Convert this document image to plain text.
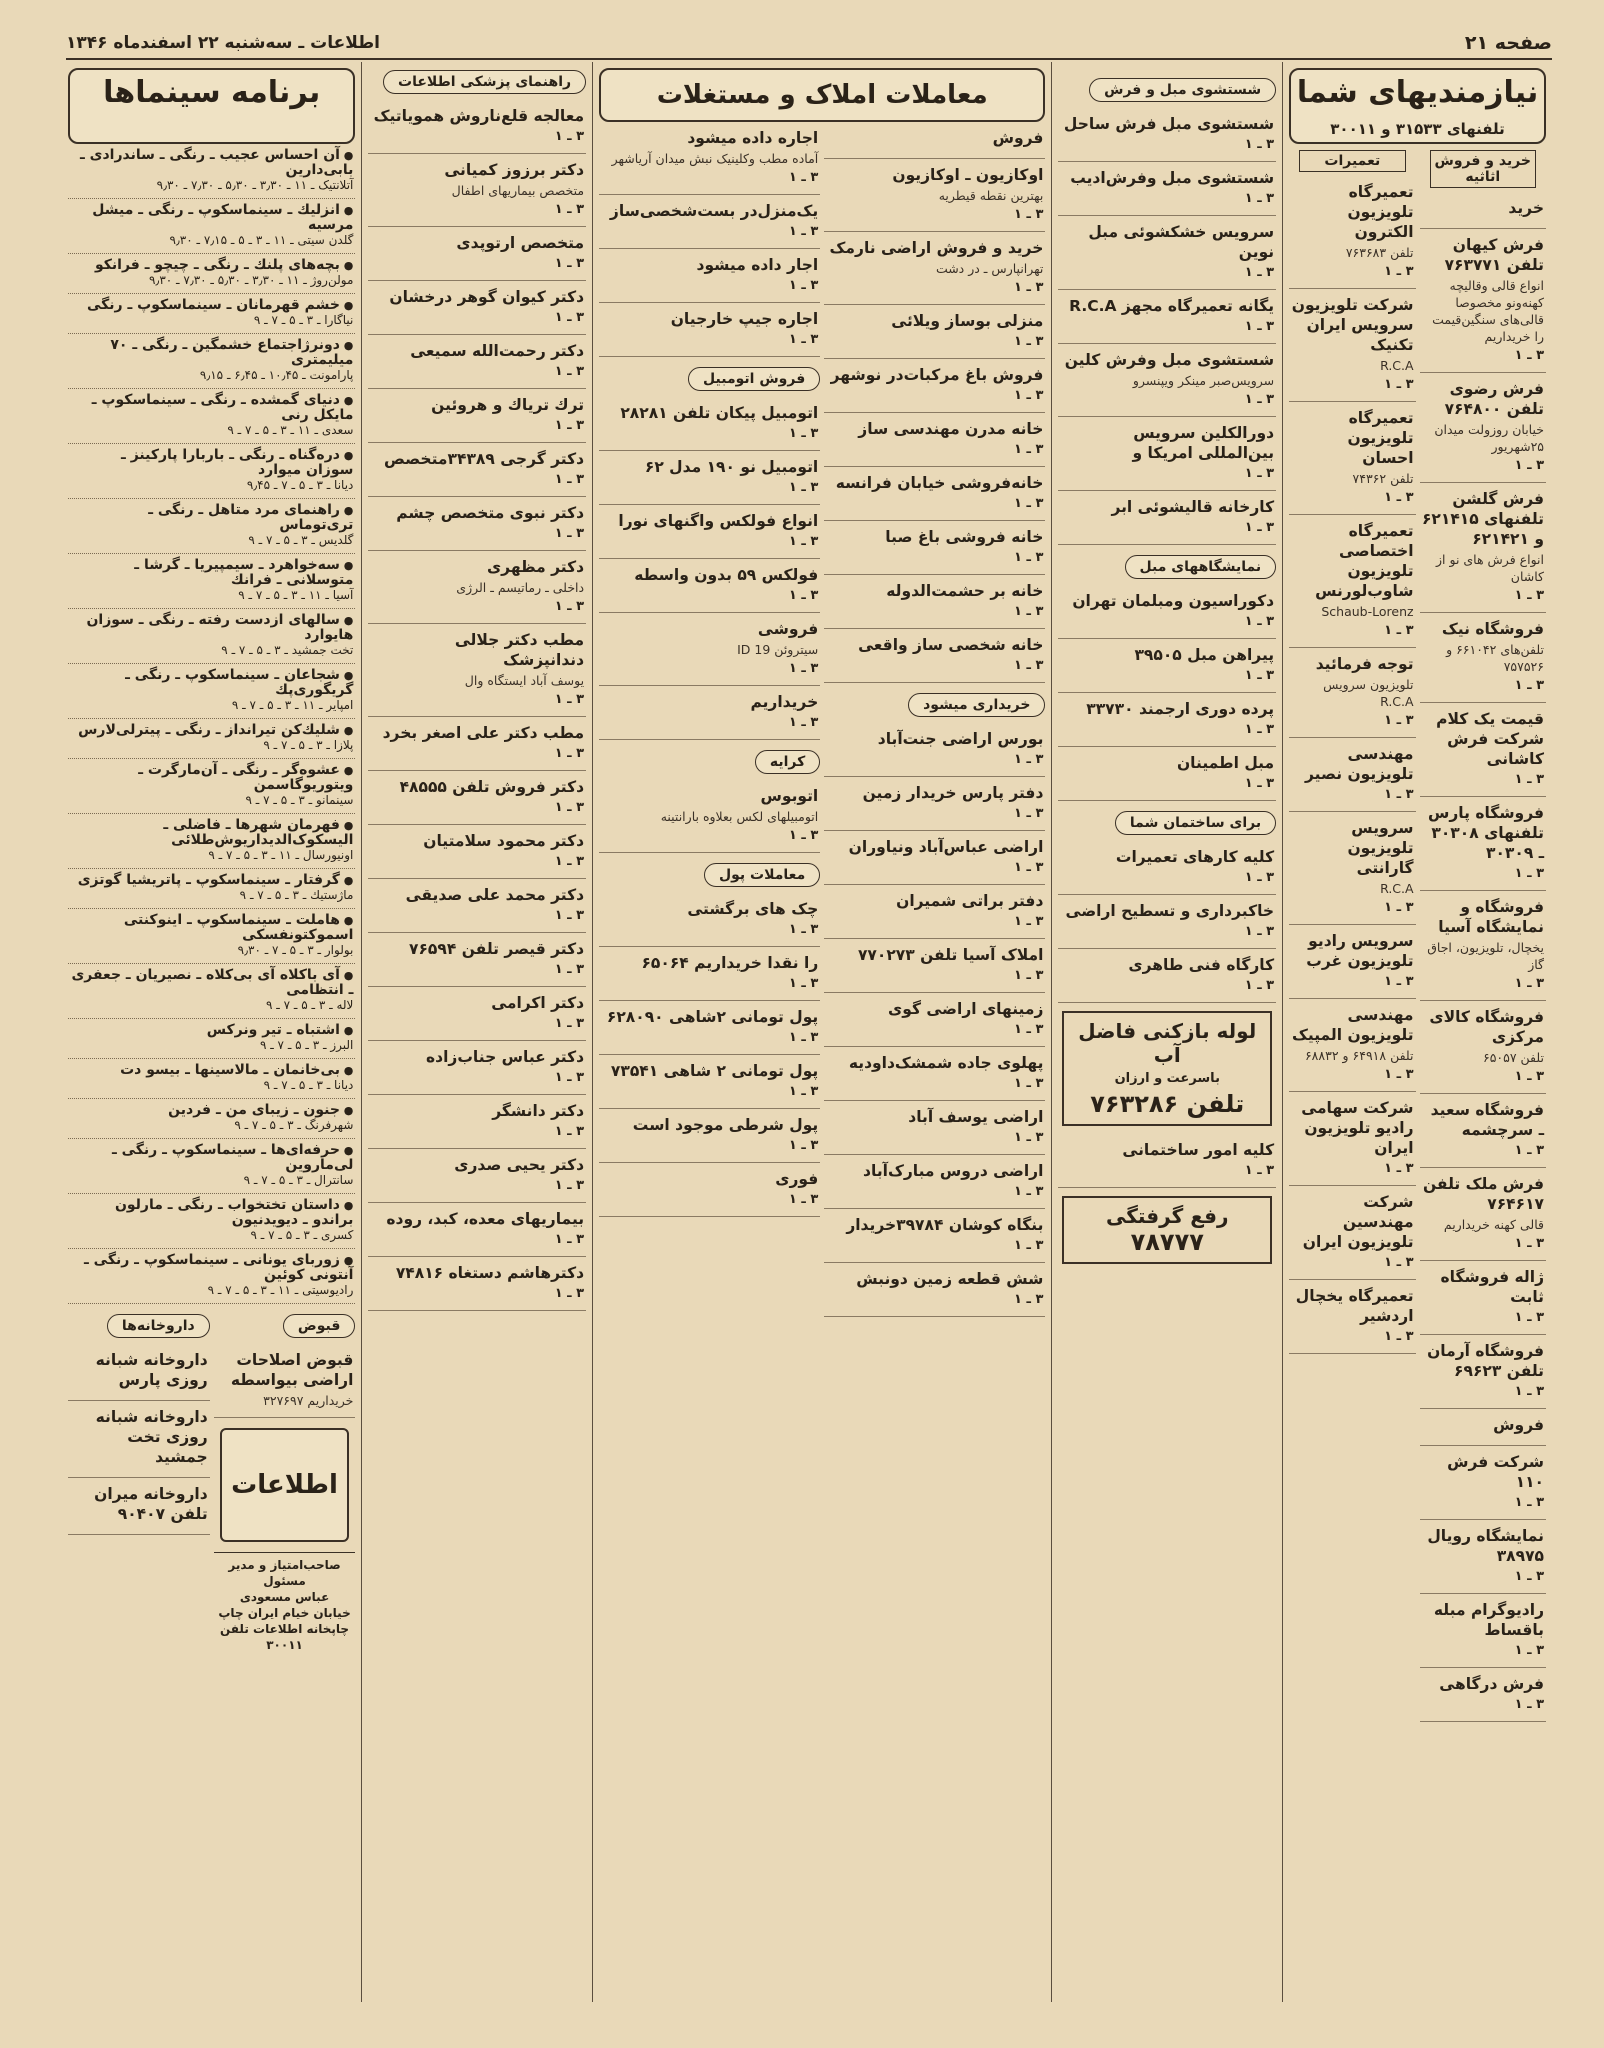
صفحه ۲۱
اطلاعات ـ سه‌شنبه ۲۲ اسفندماه ۱۳۴۶
نیازمندیهای شما
تلفنهای ۳۱۵۳۳ و ۳۰۰۱۱
خرید و فروش اثاثیه
خرید
فرش کیهان تلفن ۷۶۳۷۷۱
انواع قالی وقالیچه کهنه‌ونو مخصوصا قالی‌های سنگین‌قیمت را خریداریم
۳ ـ ۱
فرش رضوی تلفن ۷۶۴۸۰۰
خیابان روزولت میدان ۲۵شهریور
۳ ـ ۱
فرش گلشن تلفنهای ۶۲۱۴۱۵ و ۶۲۱۴۲۱
انواع فرش های نو از کاشان
۳ ـ ۱
فروشگاه نیک
تلفن‌های ۶۶۱۰۴۲ و ۷۵۷۵۲۶
۳ ـ ۱
قیمت یک کلام شرکت فرش کاشانی
۳ ـ ۱
فروشگاه پارس تلفنهای ۳۰۳۰۸ ـ ۳۰۳۰۹
۳ ـ ۱
فروشگاه و نمایشگاه آسیا
یخچال، تلویزیون، اجاق گاز
۳ ـ ۱
فروشگاه کالای مرکزی
تلفن ۶۵۰۵۷
۳ ـ ۱
فروشگاه سعید ـ سرچشمه
۳ ـ ۱
فرش ملک تلفن ۷۶۴۶۱۷
قالی کهنه خریداریم
۳ ـ ۱
ژاله فروشگاه ثابت
۳ ـ ۱
فروشگاه آرمان تلفن ۶۹۶۲۳
۳ ـ ۱
فروش
شرکت فرش ۱۱۰
۳ ـ ۱
نمایشگاه رویال ۳۸۹۷۵
۳ ـ ۱
رادیوگرام مبله باقساط
۳ ـ ۱
فرش درگاهی
۳ ـ ۱
تعمیرات
تعمیرگاه تلویزیون الکترون
تلفن ۷۶۳۶۸۳
۳ ـ ۱
شرکت تلویزیون سرویس ایران تکنیک
R.C.A
۳ ـ ۱
تعمیرگاه تلویزیون احسان
تلفن ۷۴۳۶۲
۳ ـ ۱
تعمیرگاه اختصاصی تلویزیون شاوب‌لورنس
Schaub-Lorenz
۳ ـ ۱
توجه فرمائید
تلویزیون سرویس R.C.A
۳ ـ ۱
مهندسی تلویزیون نصیر
۳ ـ ۱
سرویس تلویزیون گارانتی
R.C.A
۳ ـ ۱
سرویس رادیو تلویزیون غرب
۳ ـ ۱
مهندسی تلویزیون المپیک
تلفن ۶۴۹۱۸ و ۶۸۸۳۲
۳ ـ ۱
شرکت سهامی رادیو تلویزیون ایران
۳ ـ ۱
شرکت مهندسین تلویزیون ایران
۳ ـ ۱
تعمیرگاه یخچال اردشیر
۳ ـ ۱
شستشوی مبل و فرش
شستشوی مبل فرش ساحل
۳ ـ ۱
شستشوی مبل وفرش‌ادیب
۳ ـ ۱
سرویس خشکشوئی مبل نوین
۳ ـ ۱
یگانه تعمیرگاه مجهز R.C.A
۳ ـ ۱
شستشوی مبل وفرش کلین
سرویس‌صبر مینکر ویپنسرو
۳ ـ ۱
دورالکلین سرویس بین‌المللی امریکا و
۳ ـ ۱
کارخانه قالیشوئی ابر
۳ ـ ۱
نمایشگاههای مبل
دکوراسیون ومبلمان تهران
۳ ـ ۱
پیراهن مبل ۳۹۵۰۵
۳ ـ ۱
پرده دوری ارجمند ۳۳۷۳۰
۳ ـ ۱
مبل اطمینان
۳ ـ ۱
برای ساختمان شما
کلیه کارهای تعمیرات
۳ ـ ۱
خاکبرداری و تسطیح اراضی
۳ ـ ۱
کارگاه فنی طاهری
۳ ـ ۱
لوله بازکنی فاضل آب
باسرعت و ارزان
تلفن ۷۶۳۲۸۶
کلیه امور ساختمانی
۳ ـ ۱
رفع گرفتگی
۷۸۷۷۷
معاملات املاک و مستغلات
فروش
اوکازیون ـ اوکازیون
بهترین نقطه قیطریه
۳ ـ ۱
خرید و فروش اراضی نارمک
تهرانپارس ـ در دشت
۳ ـ ۱
منزلی بوساز ویلائی
۳ ـ ۱
فروش باغ مرکبات‌در نوشهر
۳ ـ ۱
خانه مدرن مهندسی ساز
۳ ـ ۱
خانه‌فروشی خیابان فرانسه
۳ ـ ۱
خانه فروشی باغ صبا
۳ ـ ۱
خانه بر حشمت‌الدوله
۳ ـ ۱
خانه شخصی ساز واقعی
۳ ـ ۱
خریداری میشود
بورس اراضی جنت‌آباد
۳ ـ ۱
دفتر پارس خریدار زمین
۳ ـ ۱
اراضی عباس‌آباد ونیاوران
۳ ـ ۱
دفتر براتی شمیران
۳ ـ ۱
املاک آسیا تلفن ۷۷۰۲۷۳
۳ ـ ۱
زمینهای اراضی گوی
۳ ـ ۱
پهلوی جاده شمشک‌داودیه
۳ ـ ۱
اراضی یوسف آباد
۳ ـ ۱
اراضی دروس مبارک‌آباد
۳ ـ ۱
بنگاه کوشان ۳۹۷۸۴خریدار
۳ ـ ۱
شش قطعه زمین دونبش
۳ ـ ۱
اجاره داده میشود
آماده مطب وکلینیک نبش میدان آریاشهر
۳ ـ ۱
یک‌منزل‌در بست‌شخصی‌ساز
۳ ـ ۱
اجار داده میشود
۳ ـ ۱
اجاره جیپ خارجیان
۳ ـ ۱
فروش اتومبیل
اتومبیل پیکان تلفن ۲۸۲۸۱
۳ ـ ۱
اتومبیل نو ۱۹۰ مدل ۶۲
۳ ـ ۱
انواع فولکس واگنهای نورا
۳ ـ ۱
فولکس ۵۹ بدون واسطه
۳ ـ ۱
فروشی
سیتروئن ID 19
۳ ـ ۱
خریداریم
۳ ـ ۱
کرایه
اتوبوس
اتومبیلهای لکس بعلاوه بارانتینه
۳ ـ ۱
معاملات پول
چک های برگشتی
۳ ـ ۱
را نقدا خریداریم ۶۵۰۶۴
۳ ـ ۱
پول تومانی ۲شاهی ۶۲۸۰۹۰
۳ ـ ۱
پول تومانی ۲ شاهی ۷۳۵۴۱
۳ ـ ۱
پول شرطی موجود است
۳ ـ ۱
فوری
۳ ـ ۱
راهنمای پزشکی اطلاعات
معالجه قلع‌ناروش همویاتیک
۳ ـ ۱
دکتر برزوز کمیانی
متخصص بیماریهای اطفال
۳ ـ ۱
متخصص ارتوپدی
۳ ـ ۱
دکتر کیوان گوهر درخشان
۳ ـ ۱
دکتر رحمت‌الله سمیعی
۳ ـ ۱
ترك تریاك و هروئین
۳ ـ ۱
دکتر گرجی ۳۴۳۸۹متخصص
۳ ـ ۱
دکتر نبوی متخصص چشم
۳ ـ ۱
دکتر مظهری
داخلی ـ رماتیسم ـ الرژی
۳ ـ ۱
مطب دکتر جلالی دندانپزشک
یوسف آباد ایستگاه وال
۳ ـ ۱
مطب دکتر علی اصغر بخرد
۳ ـ ۱
دکتر فروش تلفن ۴۸۵۵۵
۳ ـ ۱
دکتر محمود سلامتیان
۳ ـ ۱
دکتر محمد علی صدیقی
۳ ـ ۱
دکتر قیصر تلفن ۷۶۵۹۴
۳ ـ ۱
دکتر اکرامی
۳ ـ ۱
دکتر عباس جناب‌زاده
۳ ـ ۱
دکتر دانشگر
۳ ـ ۱
دکتر یحیی صدری
۳ ـ ۱
بیماریهای معده، کبد، روده
۳ ـ ۱
دکترهاشم دستغاه ۷۴۸۱۶
۳ ـ ۱
برنامه سینماها
● آن احساس عجیب ـ رنگی ـ ساندرادی ـ بابی‌دارین
آتلانتیک ـ ۱۱ ـ ۳٫۳۰ ـ ۵٫۳۰ ـ ۷٫۳۰ ـ ۹٫۳۰
● انزلیك ـ سینماسکوپ ـ رنگی ـ میشل مرسیه
گلدن سیتی ـ ۱۱ ـ ۳ ـ ۵ ـ ۷٫۱۵ ـ ۹٫۳۰
● بچه‌های پلنك ـ رنگی ـ چیچو ـ فرانکو
مولن‌روژ ـ ۱۱ ـ ۳٫۳۰ ـ ۵٫۳۰ ـ ۷٫۳۰ ـ ۹٫۳۰
● خشم قهرمانان ـ سینماسکوپ ـ رنگی
نیاگارا ـ ۳ ـ ۵ ـ ۷ ـ ۹
● دونرژاجتماع خشمگین ـ رنگی ـ ۷۰ میلیمتری
پارامونت ـ ۱۰٫۴۵ ـ ۶٫۴۵ ـ ۹٫۱۵
● دنیای گمشده ـ رنگی ـ سینماسکوپ ـ مایکل رنی
سعدی ـ ۱۱ ـ ۳ ـ ۵ ـ ۷ ـ ۹
● دره‌گناه ـ رنگی ـ باربارا پارکینز ـ سوزان میوارد
دیانا ـ ۳ ـ ۵ ـ ۷ ـ ۹٫۴۵
● راهنمای مرد متاهل ـ رنگی ـ تری‌توماس
گلدیس ـ ۳ ـ ۵ ـ ۷ ـ ۹
● سه‌خواهرد ـ سیمپیریا ـ گرشا ـ متوسلانی ـ فرانك
آسیا ـ ۱۱ ـ ۳ ـ ۵ ـ ۷ ـ ۹
● سالهای ازدست رفته ـ رنگی ـ سوزان هایوارد
تخت جمشید ـ ۳ ـ ۵ ـ ۷ ـ ۹
● شجاعان ـ سینماسکوپ ـ رنگی ـ گریگوری‌پك
امپایر ـ ۱۱ ـ ۳ ـ ۵ ـ ۷ ـ ۹
● شلیك‌کن تیرانداز ـ رنگی ـ پیترلی‌لارس
پلازا ـ ۳ ـ ۵ ـ ۷ ـ ۹
● عشوه‌گر ـ رنگی ـ آن‌مارگرت ـ ویتوریوگاسمن
سینمانو ـ ۳ ـ ۵ ـ ۷ ـ ۹
● فهرمان شهرها ـ فاضلی ـ الیسکوک‌الدیداریوش‌طلائی
اونیورسال ـ ۱۱ ـ ۳ ـ ۵ ـ ۷ ـ ۹
● گرفتار ـ سینماسکوپ ـ پاتریشیا گوتزی
ماژستیك ـ ۳ ـ ۵ ـ ۷ ـ ۹
● هاملت ـ سینماسکوپ ـ اینوکنتی اسموکتونفسکی
بولوار ـ ۳ ـ ۵ ـ ۷ ـ ۹٫۳۰
● آی باکلاه آی بی‌کلاه ـ نصیریان ـ جعفری ـ انتظامی
لاله ـ ۳ ـ ۵ ـ ۷ ـ ۹
● اشتباه ـ تیر ونرکس
البرز ـ ۳ ـ ۵ ـ ۷ ـ ۹
● بی‌خانمان ـ مالاسینها ـ بیسو دت
دیانا ـ ۳ ـ ۵ ـ ۷ ـ ۹
● جنون ـ زیبای من ـ فردین
شهرفرنگ ـ ۳ ـ ۵ ـ ۷ ـ ۹
● حرفه‌ای‌ها ـ سینماسکوپ ـ رنگی ـ لی‌ماروین
سانترال ـ ۳ ـ ۵ ـ ۷ ـ ۹
● داستان تختخواب ـ رنگی ـ مارلون براندو ـ دیویدنیون
کسری ـ ۳ ـ ۵ ـ ۷ ـ ۹
● زوربای یونانی ـ سینماسکوپ ـ رنگی ـ آنتونی کوئین
رادیوسیتی ـ ۱۱ ـ ۳ ـ ۵ ـ ۷ ـ ۹
قبوض
قبوض اصلاحات اراضی بیواسطه
خریداریم ۳۲۷۶۹۷
اطلاعات
صاحب‌امتیاز و مدیر مسئول
عباس مسعودی
خیابان خیام ایران چاپ
چاپخانه اطلاعات تلفن ۳۰۰۱۱
داروخانه‌ها
داروخانه شبانه روزی پارس
داروخانه شبانه روزی تخت جمشید
داروخانه میران تلفن ۹۰۴۰۷
